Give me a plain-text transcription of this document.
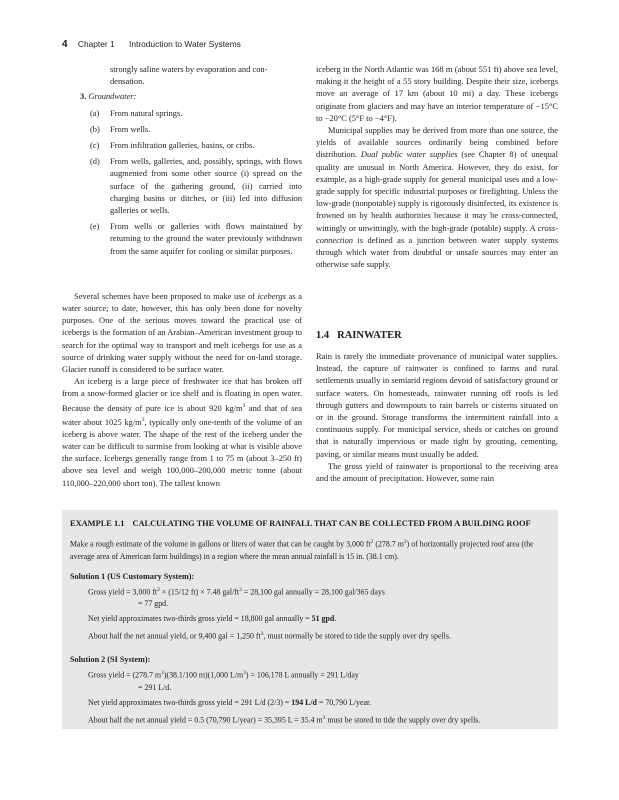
4 Chapter 1 Introduction to Water Systems
strongly saline waters by evaporation and con-
densation.
3. Groundwater:
(a) From natural springs.
(b) From wells.
(c) From infiltration galleries, basins, or cribs.
(d) From wells, galleries, and, possibly, springs, with flows augmented from some other source (i) spread on the surface of the gathering ground, (ii) carried into charging basins or ditches, or (iii) led into diffusion galleries or wells.
(e) From wells or galleries with flows maintained by returning to the ground the water previously withdrawn from the same aquifer for cooling or similar purposes.

Several schemes have been proposed to make use of icebergs as a water source; to date, however, this has only been done for novelty purposes. One of the serious moves toward the practical use of icebergs is the formation of an Arabian–American investment group to search for the optimal way to transport and melt icebergs for use as a source of drinking water supply without the need for on-land storage. Glacier runoff is considered to be surface water.

An iceberg is a large piece of freshwater ice that has broken off from a snow-formed glacier or ice shelf and is floating in open water. Because the density of pure ice is about 920 $kg/m^3$ and that of sea water about 1025 $kg/m^3$, typically only one-tenth of the volume of an iceberg is above water. The shape of the rest of the iceberg under the water can be difficult to surmise from looking at what is visible above the surface. Icebergs generally range from 1 to 75 m (about 3–250 ft) above sea level and weigh 100,000–200,000 metric tonne (about 110,000–220,000 short ton). The tallest known

iceberg in the North Atlantic was 168 m (about 551 ft) above sea level, making it the height of a 55 story building. Despite their size, icebergs move an average of 17 km (about 10 mi) a day. These icebergs originate from glaciers and may have an interior temperature of −15°C to −20°C (5°F to −4°F).

Municipal supplies may be derived from more than one source, the yields of available sources ordinarily being combined before distribution. Dual public water supplies (see Chapter 8) of unequal quality are unusual in North America. However, they do exist, for example, as a high-grade supply for general municipal uses and a low-grade supply for specific industrial purposes or firefighting. Unless the low-grade (nonpotable) supply is rigorously disinfected, its existence is frowned on by health authorities because it may be cross-connected, wittingly or unwittingly, with the high-grade (potable) supply. A cross-connection is defined as a junction between water supply systems through which water from doubtful or unsafe sources may enter an otherwise safe supply.

1.4 RAINWATER

Rain is rarely the immediate provenance of municipal water supplies. Instead, the capture of rainwater is confined to farms and rural settlements usually in semiarid regions devoid of satisfactory ground or surface waters. On homesteads, rainwater running off roofs is led through gutters and downspouts to rain barrels or cisterns situated on or in the ground. Storage transforms the intermittent rainfall into a continuous supply. For municipal service, sheds or catches on ground that is naturally impervious or made tight by grouting, cementing, paving, or similar means must usually be added.

The gross yield of rainwater is proportional to the receiving area and the amount of precipitation. However, some rain

EXAMPLE 1.1 CALCULATING THE VOLUME OF RAINFALL THAT CAN BE COLLECTED FROM A BUILDING ROOF
Make a rough estimate of the volume in gallons or liters of water that can be caught by 3,000 $ft^2$ (278.7 $m^2$) of horizontally projected roof area (the average area of American farm buildings) in a region where the mean annual rainfall is 15 in. (38.1 cm).
Solution 1 (US Customary System):
Gross yield = 3,000 $ft^2 \times (15/12$ ft) × 7.48 gal/$ft^3 = 28,100$ gal annually = 28,100 gal/365 days
= 77 gpd.
Net yield approximates two-thirds gross yield = 18,800 gal annually = 51 gpd.
About half the net annual yield, or 9,400 gal = 1,250 $ft^3$, must normally be stored to tide the supply over dry spells.
Solution 2 (SI System):
Gross yield = (278.7 $m^2)(38.1/100$ m)(1,000 $L/m^3) = 106,178$ L annually = 291 L/day
= 291 L/d.
Net yield approximates two-thirds gross yield = 291 L/d (2/3) = 194 L/d = 70,790 L/year.
About half the net annual yield = 0.5 (70,790 L/year) = 35,395 L = 35.4 $m^3$ must be stored to tide the supply over dry spells.
